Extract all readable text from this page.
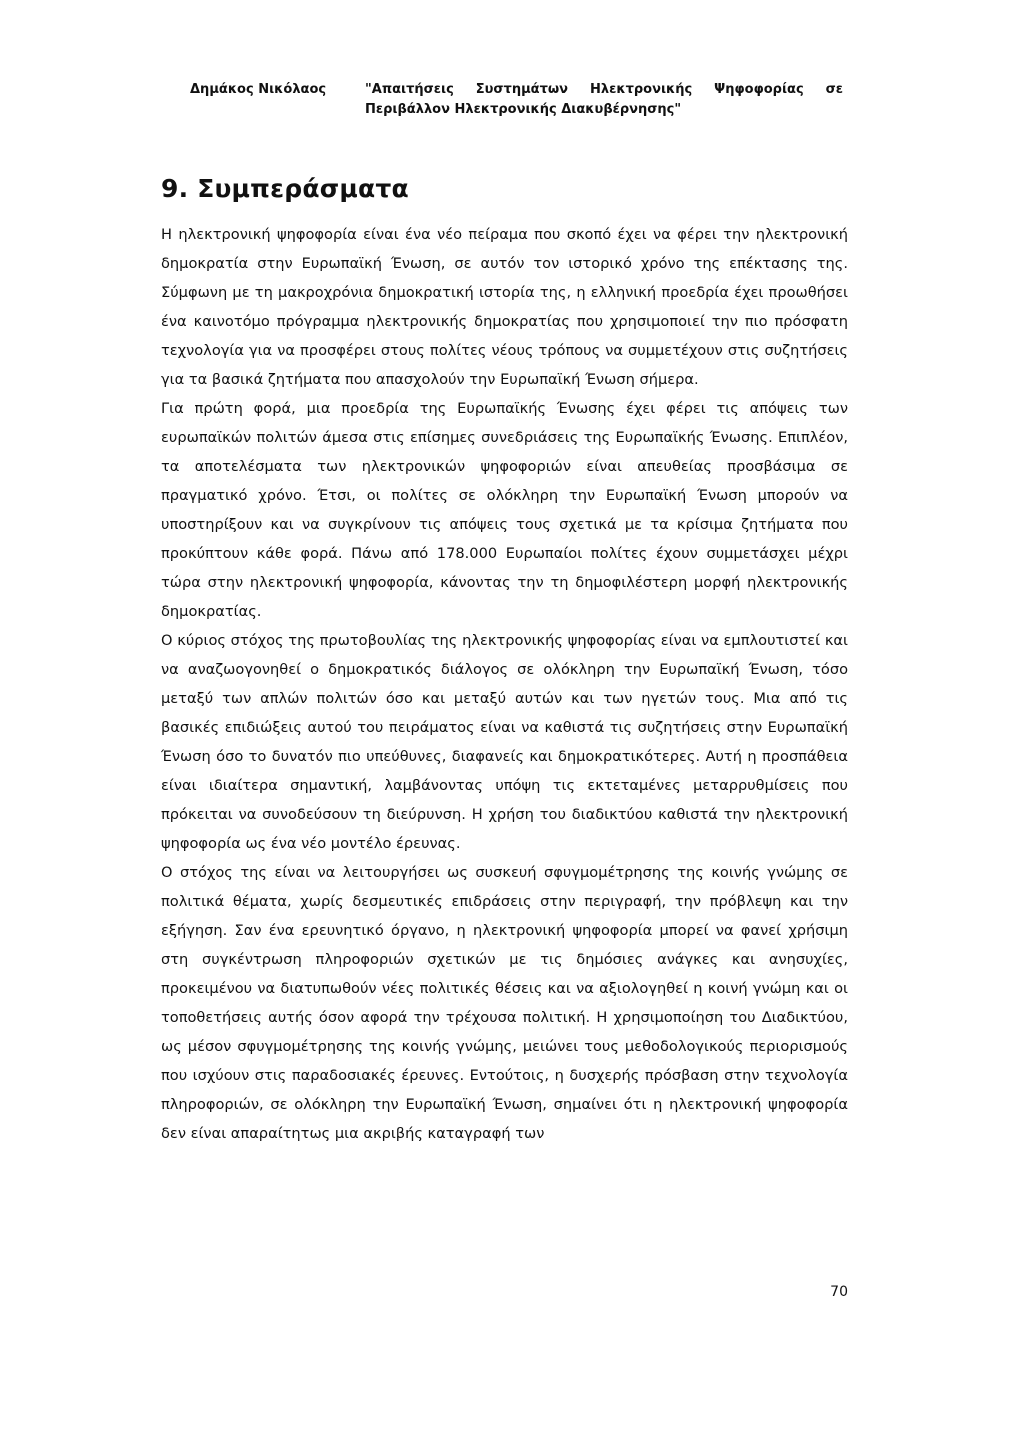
Δημάκος Νικόλαος	"Απαιτήσεις Συστημάτων Ηλεκτρονικής Ψηφοφορίας σε Περιβάλλον Ηλεκτρονικής Διακυβέρνησης"
9. Συμπεράσματα

Η ηλεκτρονική ψηφοφορία είναι ένα νέο πείραμα που σκοπό έχει να φέρει την ηλεκτρονική δημοκρατία στην Ευρωπαϊκή Ένωση, σε αυτόν τον ιστορικό χρόνο της επέκτασης της. Σύμφωνη με τη μακροχρόνια δημοκρατική ιστορία της, η ελληνική προεδρία έχει προωθήσει ένα καινοτόμο πρόγραμμα ηλεκτρονικής δημοκρατίας που χρησιμοποιεί την πιο πρόσφατη τεχνολογία για να προσφέρει στους πολίτες νέους τρόπους να συμμετέχουν στις συζητήσεις για τα βασικά ζητήματα που απασχολούν την Ευρωπαϊκή Ένωση σήμερα.

Για πρώτη φορά, μια προεδρία της Ευρωπαϊκής Ένωσης έχει φέρει τις απόψεις των ευρωπαϊκών πολιτών άμεσα στις επίσημες συνεδριάσεις της Ευρωπαϊκής Ένωσης. Επιπλέον, τα αποτελέσματα των ηλεκτρονικών ψηφοφοριών είναι απευθείας προσβάσιμα σε πραγματικό χρόνο. Έτσι, οι πολίτες σε ολόκληρη την Ευρωπαϊκή Ένωση μπορούν να υποστηρίξουν και να συγκρίνουν τις απόψεις τους σχετικά με τα κρίσιμα ζητήματα που προκύπτουν κάθε φορά. Πάνω από 178.000 Ευρωπαίοι πολίτες έχουν συμμετάσχει μέχρι τώρα στην ηλεκτρονική ψηφοφορία, κάνοντας την τη δημοφιλέστερη μορφή ηλεκτρονικής δημοκρατίας.

Ο κύριος στόχος της πρωτοβουλίας της ηλεκτρονικής ψηφοφορίας είναι να εμπλουτιστεί και να αναζωογονηθεί ο δημοκρατικός διάλογος σε ολόκληρη την Ευρωπαϊκή Ένωση, τόσο μεταξύ των απλών πολιτών όσο και μεταξύ αυτών και των ηγετών τους. Μια από τις βασικές επιδιώξεις αυτού του πειράματος είναι να καθιστά τις συζητήσεις στην Ευρωπαϊκή Ένωση όσο το δυνατόν πιο υπεύθυνες, διαφανείς και δημοκρατικότερες. Αυτή η προσπάθεια είναι ιδιαίτερα σημαντική, λαμβάνοντας υπόψη τις εκτεταμένες μεταρρυθμίσεις που πρόκειται να συνοδεύσουν τη διεύρυνση. Η χρήση του διαδικτύου καθιστά την ηλεκτρονική ψηφοφορία ως ένα νέο μοντέλο έρευνας.

Ο στόχος της είναι να λειτουργήσει ως συσκευή σφυγμομέτρησης της κοινής γνώμης σε πολιτικά θέματα, χωρίς δεσμευτικές επιδράσεις στην περιγραφή, την πρόβλεψη και την εξήγηση. Σαν ένα ερευνητικό όργανο, η ηλεκτρονική ψηφοφορία μπορεί να φανεί χρήσιμη στη συγκέντρωση πληροφοριών σχετικών με τις δημόσιες ανάγκες και ανησυχίες, προκειμένου να διατυπωθούν νέες πολιτικές θέσεις και να αξιολογηθεί η κοινή γνώμη και οι τοποθετήσεις αυτής όσον αφορά την τρέχουσα πολιτική. Η χρησιμοποίηση του Διαδικτύου, ως μέσον σφυγμομέτρησης της κοινής γνώμης, μειώνει τους μεθοδολογικούς περιορισμούς που ισχύουν στις παραδοσιακές έρευνες. Εντούτοις, η δυσχερής πρόσβαση στην τεχνολογία πληροφοριών, σε ολόκληρη την Ευρωπαϊκή Ένωση, σημαίνει ότι η ηλεκτρονική ψηφοφορία δεν είναι απαραίτητως μια ακριβής καταγραφή των

70
